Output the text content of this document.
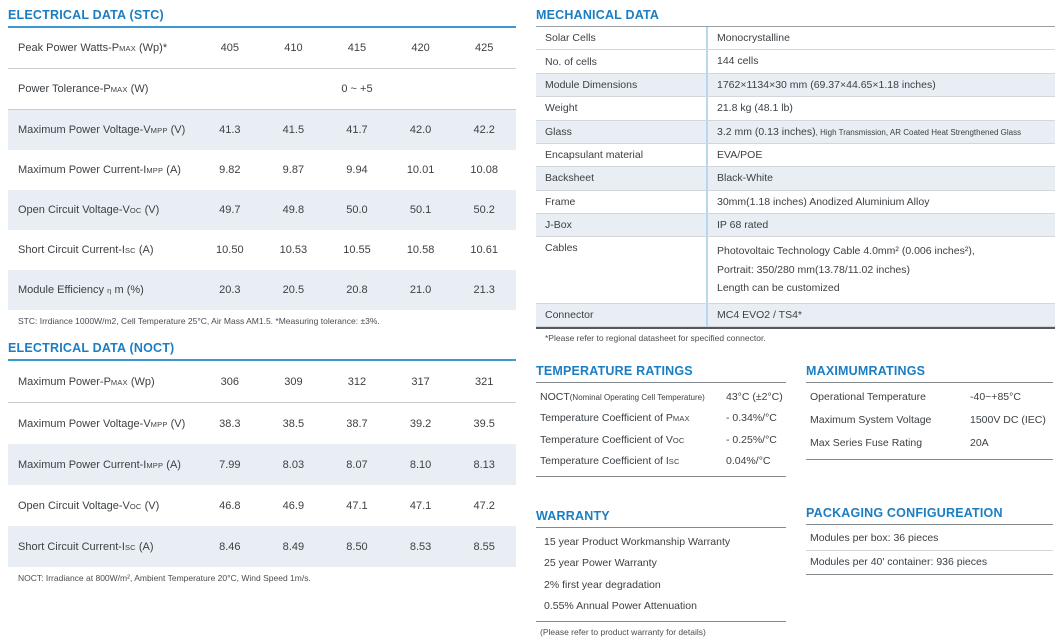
ELECTRICAL DATA (STC)
Peak Power Watts-PMAX (Wp)*	405	410	415	420	425
Power Tolerance-PMAX (W)	0 ~ +5
Maximum Power Voltage-VMPP (V)	41.3	41.5	41.7	42.0	42.2
Maximum Power Current-IMPP (A)	9.82	9.87	9.94	10.01	10.08
Open Circuit Voltage-VOC (V)	49.7	49.8	50.0	50.1	50.2
Short Circuit Current-ISC (A)	10.50	10.53	10.55	10.58	10.61
Module Efficiency η m (%)	20.3	20.5	20.8	21.0	21.3
STC: Irrdiance 1000W/m2, Cell Temperature 25°C, Air Mass AM1.5. *Measuring tolerance: ±3%.
ELECTRICAL DATA (NOCT)
Maximum Power-PMAX (Wp)	306	309	312	317	321
Maximum Power Voltage-VMPP (V)	38.3	38.5	38.7	39.2	39.5
Maximum Power Current-IMPP (A)	7.99	8.03	8.07	8.10	8.13
Open Circuit Voltage-VOC (V)	46.8	46.9	47.1	47.1	47.2
Short Circuit Current-ISC (A)	8.46	8.49	8.50	8.53	8.55
NOCT: Irradiance at 800W/m², Ambient Temperature 20°C, Wind Speed 1m/s.
MECHANICAL DATA
Solar Cells	Monocrystalline
No. of cells	144 cells
Module Dimensions	1762×1134×30 mm (69.37×44.65×1.18 inches)
Weight	21.8 kg (48.1 lb)
Glass	3.2 mm (0.13 inches), High Transmission, AR Coated Heat Strengthened Glass
Encapsulant material	EVA/POE
Backsheet	Black-White
Frame	30mm(1.18 inches) Anodized Aluminium Alloy
J-Box	IP 68 rated
Cables	Photovoltaic Technology Cable 4.0mm² (0.006 inches²),
Portrait: 350/280 mm(13.78/11.02 inches)
Length can be customized
Connector	MC4 EVO2 / TS4*
*Please refer to regional datasheet for specified connector.
TEMPERATURE RATINGS
NOCT(Nominal Operating Cell Temperature)	43°C (±2°C)
Temperature Coefficient of PMAX	- 0.34%/°C
Temperature Coefficient of VOC	- 0.25%/°C
Temperature Coefficient of ISC	0.04%/°C
WARRANTY
15 year Product Workmanship Warranty
25 year Power Warranty
2% first year degradation
0.55% Annual Power Attenuation
(Please refer to product warranty for details)
MAXIMUMRATINGS
Operational Temperature	-40~+85°C
Maximum System Voltage	1500V DC (IEC)
Max Series Fuse Rating	20A
PACKAGING CONFIGUREATION
Modules per box: 36 pieces
Modules per 40' container: 936 pieces
